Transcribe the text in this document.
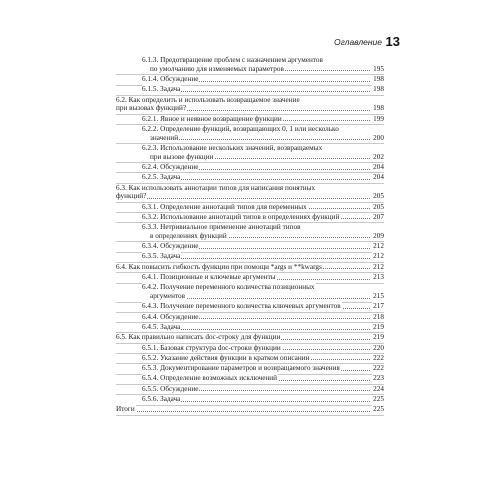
Оглавление 13
6.1.3. Предотвращение проблем с назначением аргументов
по умолчанию для изменяемых параметров	195
6.1.4. Обсуждение	198
6.1.5. Задача	198
6.2. Как определить и использовать возвращаемое значение
при вызовах функций?	198
6.2.1. Явное и неявное возвращение функции	199
6.2.2. Определение функций, возвращающих 0, 1 или несколько
значений	200
6.2.3. Использование нескольких значений, возвращаемых
при вызове функции	202
6.2.4. Обсуждение	204
6.2.5. Задача	204
6.3. Как использовать аннотации типов для написания понятных
функций?	205
6.3.1. Определение аннотаций типов для переменных	205
6.3.2. Использование аннотаций типов в определениях функций	207
6.3.3. Нетривиальное применение аннотаций типов
в определениях функций	209
6.3.4. Обсуждение	212
6.3.5. Задача	212
6.4. Как повысить гибкость функции при помощи *args и **kwargs	212
6.4.1. Позиционные и ключевые аргументы	213
6.4.2. Получение переменного количества позиционных
аргументов	215
6.4.3. Получение переменного количества ключевых аргументов	217
6.4.4. Обсуждение	218
6.4.5. Задача	219
6.5. Как правильно написать doc-строку для функции	219
6.5.1. Базовая структура doc-строки функции	220
6.5.2. Указание действия функции в кратком описании	222
6.5.3. Документирование параметров и возвращаемого значения	222
6.5.4. Определение возможных исключений	223
6.5.5. Обсуждение	224
6.5.6. Задача	225
Итоги	225
